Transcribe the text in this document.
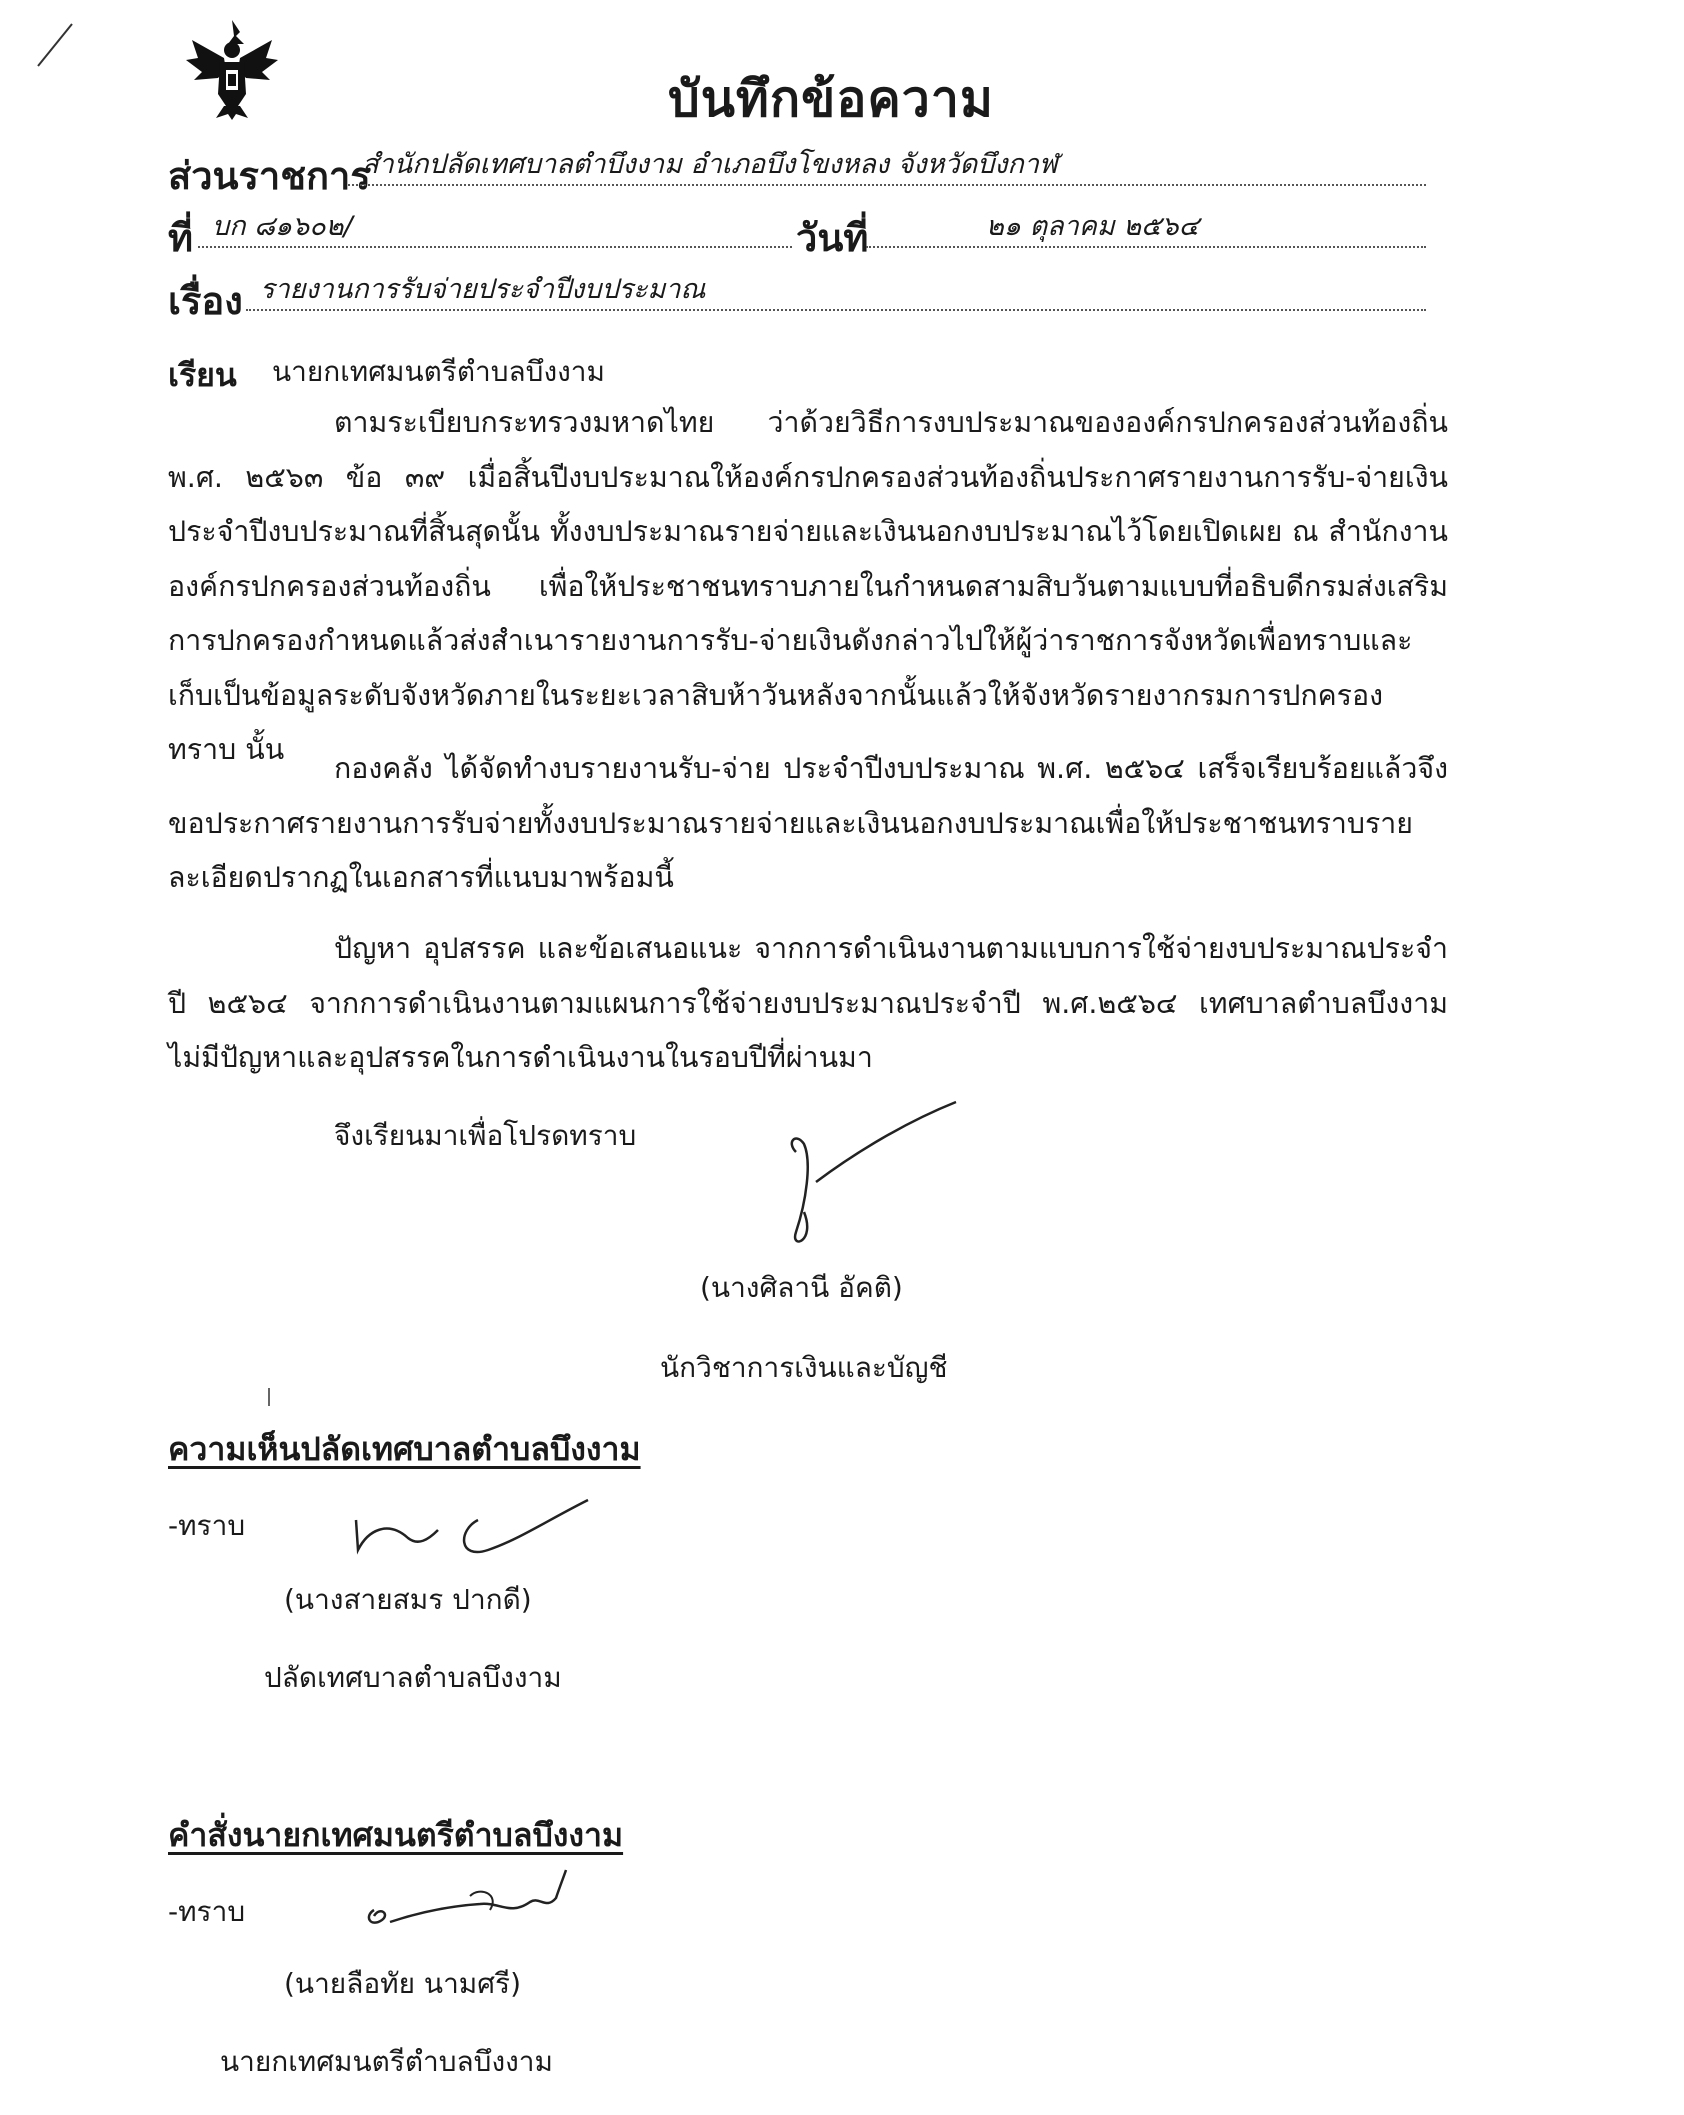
บันทึกข้อความ
ส่วนราชการ
สำนักปลัดเทศบาลตำบึงงาม อำเภอบึงโขงหลง จังหวัดบึงกาฬ
ที่ บก ๘๑๖๐๒/	วันที่	๒๑ ตุลาคม ๒๕๖๔
เรื่อง รายงานการรับจ่ายประจำปีงบประมาณ
เรียน นายกเทศมนตรีตำบลบึงงาม
ตามระเบียบกระทรวงมหาดไทย ว่าด้วยวิธีการงบประมาณขององค์กรปกครองส่วนท้องถิ่น พ.ศ. ๒๕๖๓ ข้อ ๓๙ เมื่อสิ้นปีงบประมาณให้องค์กรปกครองส่วนท้องถิ่นประกาศรายงานการรับ-จ่ายเงินประจำปีงบประมาณที่สิ้นสุดนั้น ทั้งงบประมาณรายจ่ายและเงินนอกงบประมาณไว้โดยเปิดเผย ณ สำนักงานองค์กรปกครองส่วนท้องถิ่น เพื่อให้ประชาชนทราบภายในกำหนดสามสิบวันตามแบบที่อธิบดีกรมส่งเสริมการปกครองกำหนดแล้วส่งสำเนารายงานการรับ-จ่ายเงินดังกล่าวไปให้ผู้ว่าราชการจังหวัดเพื่อทราบและเก็บเป็นข้อมูลระดับจังหวัดภายในระยะเวลาสิบห้าวันหลังจากนั้นแล้วให้จังหวัดรายงากรมการปกครองทราบ นั้น
กองคลัง ได้จัดทำงบรายงานรับ-จ่าย ประจำปีงบประมาณ พ.ศ. ๒๕๖๔ เสร็จเรียบร้อยแล้วจึงขอประกาศรายงานการรับจ่ายทั้งงบประมาณรายจ่ายและเงินนอกงบประมาณเพื่อให้ประชาชนทราบรายละเอียดปรากฏในเอกสารที่แนบมาพร้อมนี้
ปัญหา อุปสรรค และข้อเสนอแนะ จากการดำเนินงานตามแบบการใช้จ่ายงบประมาณประจำปี ๒๕๖๔ จากการดำเนินงานตามแผนการใช้จ่ายงบประมาณประจำปี พ.ศ.๒๕๖๔ เทศบาลตำบลบึงงาม ไม่มีปัญหาและอุปสรรคในการดำเนินงานในรอบปีที่ผ่านมา
จึงเรียนมาเพื่อโปรดทราบ
(นางศิลานี อัคติ)
นักวิชาการเงินและบัญชี
ความเห็นปลัดเทศบาลตำบลบึงงาม
-ทราบ
(นางสายสมร ปากดี)
ปลัดเทศบาลตำบลบึงงาม
คำสั่งนายกเทศมนตรีตำบลบึงงาม
-ทราบ
(นายลือทัย นามศรี)
นายกเทศมนตรีตำบลบึงงาม
